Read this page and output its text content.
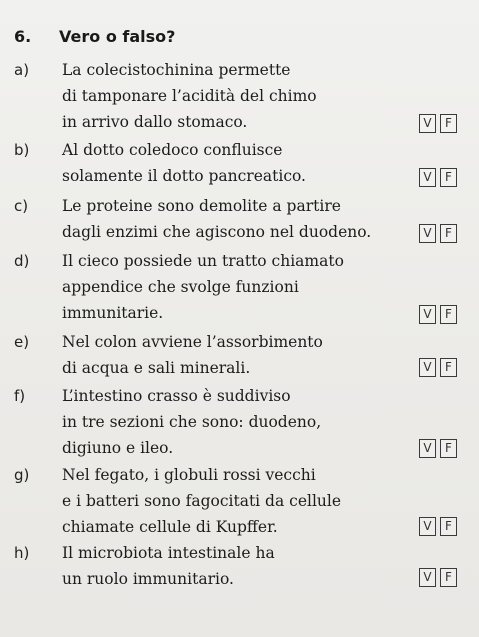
6.	Vero o falso?
a) La colecistochinina permette
di tamponare l’acidità del chimo
in arrivo dallo stomaco.	V	F
b) Al dotto coledoco confluisce
solamente il dotto pancreatico.	V	F
c) Le proteine sono demolite a partire
dagli enzimi che agiscono nel duodeno.	V	F
d) Il cieco possiede un tratto chiamato
appendice che svolge funzioni
immunitarie.	V	F
e) Nel colon avviene l’assorbimento
di acqua e sali minerali.	V	F
f) L’intestino crasso è suddiviso
in tre sezioni che sono: duodeno,
digiuno e ileo.	V	F
g) Nel fegato, i globuli rossi vecchi
e i batteri sono fagocitati da cellule
chiamate cellule di Kupffer.	V	F
h) Il microbiota intestinale ha
un ruolo immunitario.	V	F
